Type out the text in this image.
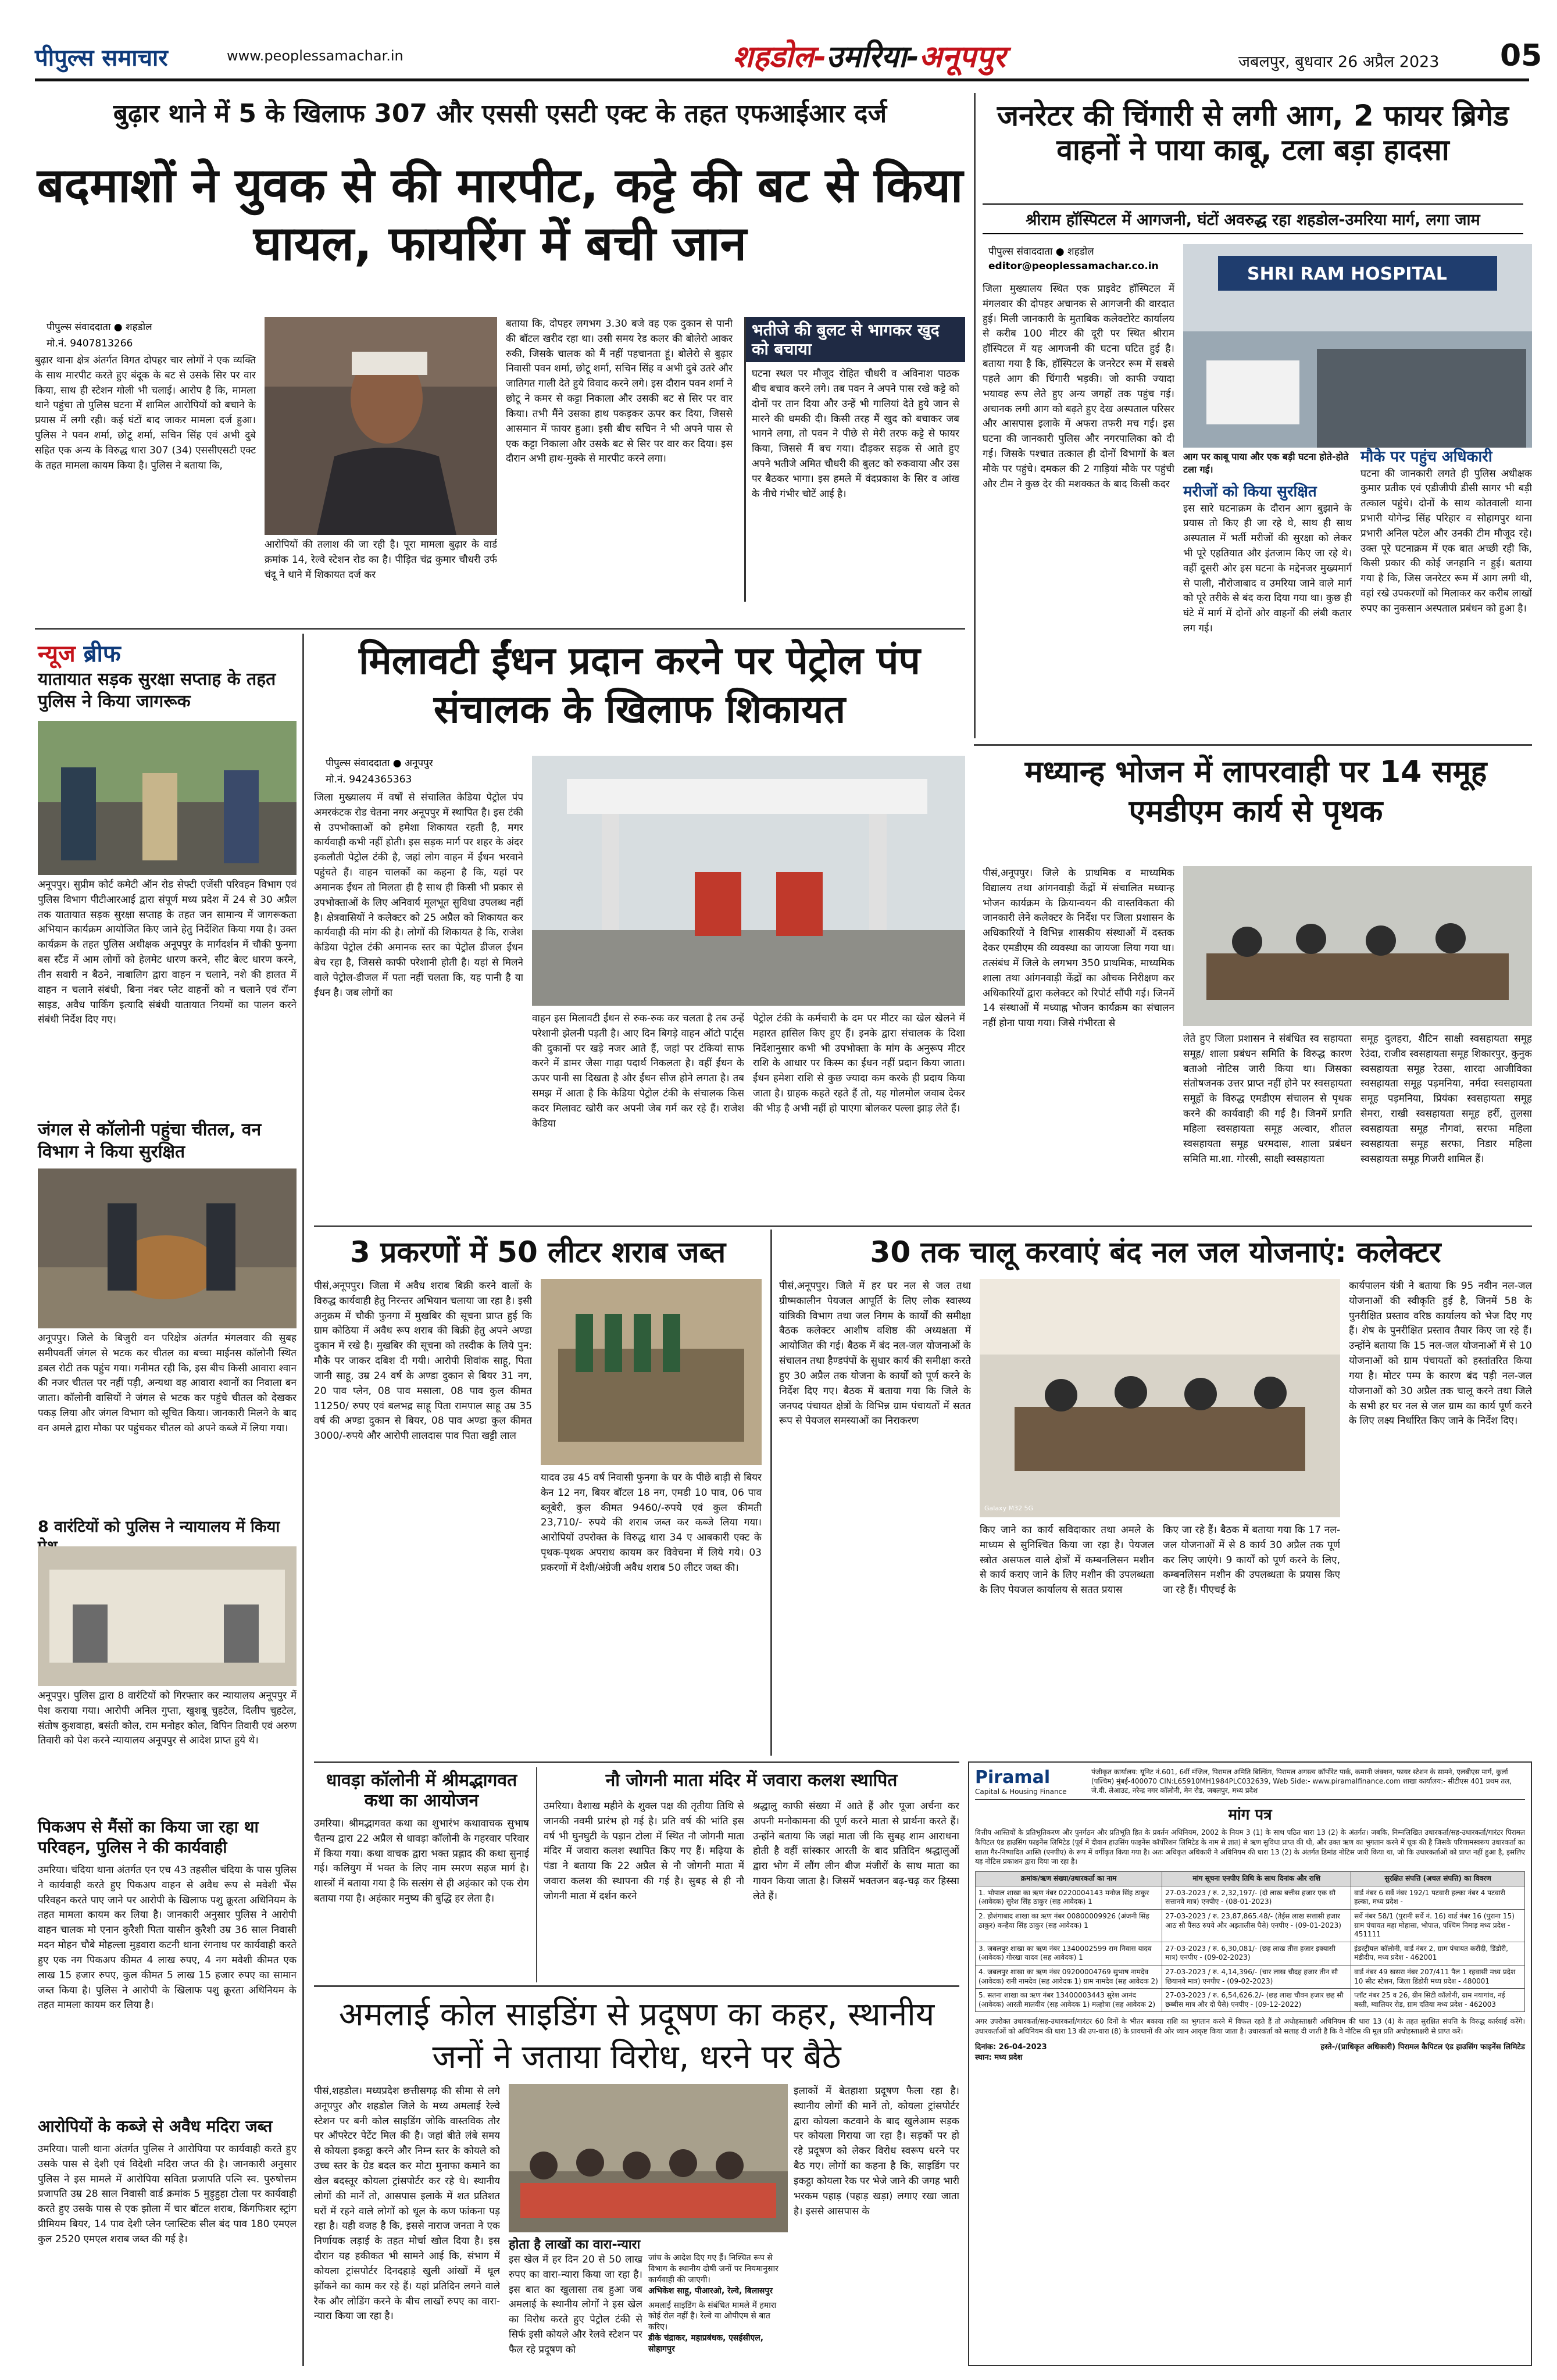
पीपुल्स समाचार	www.peoplessamachar.in	शहडोल-उमरिया-अनूपपुर	जबलपुर, बुधवार 26 अप्रैल 2023 05
बुढ़ार थाने में 5 के खिलाफ 307 और एससी एसटी एक्ट के तहत एफआईआर दर्ज
बदमाशों ने युवक से की मारपीट, कट्टे की बट से किया घायल, फायरिंग में बची जान
पीपुल्स संवाददाता ● शहडोल
मो.नं. 9407813266
बुढ़ार थाना क्षेत्र अंतर्गत विगत दोपहर चार लोगों ने एक व्यक्ति के साथ मारपीट करते हुए बंदूक के बट से उसके सिर पर वार किया, साथ ही स्टेशन गोली भी चलाई। आरोप है कि, मामला थाने पहुंचा तो पुलिस घटना में शामिल आरोपियों को बचाने के प्रयास में लगी रही। कई घंटों बाद जाकर मामला दर्ज हुआ। पुलिस ने पवन शर्मा, छोटू शर्मा, सचिन सिंह एवं अभी दुबे सहित एक अन्य के विरुद्ध धारा 307 (34) एससीएसटी एक्ट के तहत मामला कायम किया है। पुलिस ने बताया कि,
आरोपियों की तलाश की जा रही है। पूरा मामला बुढ़ार के वार्ड क्रमांक 14, रेल्वे स्टेशन रोड का है। पीड़ित चंद्र कुमार चौधरी उर्फ चंदू ने थाने में शिकायत दर्ज कर
बताया कि, दोपहर लगभग 3.30 बजे वह एक दुकान से पानी की बॉटल खरीद रहा था। उसी समय रेड कलर की बोलेरो आकर रुकी, जिसके चालक को मैं नहीं पहचानता हूं। बोलेरो से बुढ़ार निवासी पवन शर्मा, छोटू शर्मा, सचिन सिंह व अभी दुबे उतरे और जातिगत गाली देते हुये विवाद करने लगे। इस दौरान पवन शर्मा ने छोटू ने कमर से कट्टा निकाला और उसकी बट से सिर पर वार किया। तभी मैंने उसका हाथ पकड़कर ऊपर कर दिया, जिससे आसमान में फायर हुआ। इसी बीच सचिन ने भी अपने पास से एक कट्टा निकाला और उसके बट से सिर पर वार कर दिया। इस दौरान अभी हाथ-मुक्के से मारपीट करने लगा।
भतीजे की बुलट से भागकर खुद को बचाया
घटना स्थल पर मौजूद रोहित चौधरी व अविनाश पाठक बीच बचाव करने लगे। तब पवन ने अपने पास रखे कट्टे को दोनों पर तान दिया और उन्हें भी गालियां देते हुये जान से मारने की धमकी दी। किसी तरह मैं खुद को बचाकर जब भागने लगा, तो पवन ने पीछे से मेरी तरफ कट्टे से फायर किया, जिससे मैं बच गया। दौड़कर सड़क से आते हुए अपने भतीजे अमित चौधरी की बुलट को रुकवाया और उस पर बैठकर भागा। इस हमले में वंदप्रकाश के सिर व आंख के नीचे गंभीर चोटें आई है।
जनरेटर की चिंगारी से लगी आग, 2 फायर ब्रिगेड वाहनों ने पाया काबू, टला बड़ा हादसा
श्रीराम हॉस्पिटल में आगजनी, घंटों अवरुद्ध रहा शहडोल-उमरिया मार्ग, लगा जाम
पीपुल्स संवाददाता ● शहडोल
editor@peoplessamachar.co.in
जिला मुख्यालय स्थित एक प्राइवेट हॉस्पिटल में मंगलवार की दोपहर अचानक से आगजनी की वारदात हुई। मिली जानकारी के मुताबिक कलेक्टोरेट कार्यालय से करीब 100 मीटर की दूरी पर स्थित श्रीराम हॉस्पिटल में यह आगजनी की घटना घटित हुई है। बताया गया है कि, हॉस्पिटल के जनरेटर रूम में सबसे पहले आग की चिंगारी भड़की। जो काफी ज्यादा भयावह रूप लेते हुए अन्य जगहों तक पहुंच गई। अचानक लगी आग को बढ़ते हुए देख अस्पताल परिसर और आसपास इलाके में अफरा तफरी मच गई। इस घटना की जानकारी पुलिस और नगरपालिका को दी गई। जिसके पश्चात तत्काल ही दोनों विभागों के बल मौके पर पहुंचे। दमकल की 2 गाड़ियां मौके पर पहुंची और टीम ने कुछ देर की मशक्कत के बाद किसी कदर
SHRI RAM HOSPITAL
आग पर काबू पाया और एक बड़ी घटना होते-होते टला गई।
मरीजों को किया सुरक्षित
इस सारे घटनाक्रम के दौरान आग बुझाने के प्रयास तो किए ही जा रहे थे, साथ ही साथ अस्पताल में भर्ती मरीजों की सुरक्षा को लेकर भी पूरे एहतियात और इंतजाम किए जा रहे थे। वहीं दूसरी ओर इस घटना के मद्देनजर मुख्यमार्ग से पाली, नौरोजाबाद व उमरिया जाने वाले मार्ग को पूरे तरीके से बंद करा दिया गया था। कुछ ही घंटे में मार्ग में दोनों ओर वाहनों की लंबी कतार लग गई।
मौके पर पहुंच अधिकारी
घटना की जानकारी लगते ही पुलिस अधीक्षक कुमार प्रतीक एवं एडीजीपी डीसी सागर भी बड़ी तत्काल पहुंचे। दोनों के साथ कोतवाली थाना प्रभारी योगेन्द्र सिंह परिहार व सोहागपुर थाना प्रभारी अनिल पटेल और उनकी टीम मौजूद रहे। उक्त पूरे घटनाक्रम में एक बात अच्छी रही कि, किसी प्रकार की कोई जनहानि न हुई। बताया गया है कि, जिस जनरेटर रूम में आग लगी थी, वहां रखे उपकरणों को मिलाकर कर करीब लाखों रुपए का नुकसान अस्पताल प्रबंधन को हुआ है।
न्यूज ब्रीफ
यातायात सड़क सुरक्षा सप्ताह के तहत पुलिस ने किया जागरूक
अनूपपुर। सुप्रीम कोर्ट कमेटी ऑन रोड सेफ्टी एजेंसी परिवहन विभाग एवं पुलिस विभाग पीटीआरआई द्वारा संपूर्ण मध्य प्रदेश में 24 से 30 अप्रैल तक यातायात सड़क सुरक्षा सप्ताह के तहत जन सामान्य में जागरूकता अभियान कार्यक्रम आयोजित किए जाने हेतु निर्देशित किया गया है। उक्त कार्यक्रम के तहत पुलिस अधीक्षक अनूपपुर के मार्गदर्शन में चौकी फुनगा बस स्टैंड में आम लोगों को हेलमेट धारण करने, सीट बेल्ट धारण करने, तीन सवारी न बैठने, नाबालिग द्वारा वाहन न चलाने, नशे की हालत में वाहन न चलाने संबंधी, बिना नंबर प्लेट वाहनों को न चलाने एवं रॉन्ग साइड, अवैध पार्किंग इत्यादि संबंधी यातायात नियमों का पालन करने संबंधी निर्देश दिए गए।
जंगल से कॉलोनी पहुंचा चीतल, वन विभाग ने किया सुरक्षित
अनूपपुर। जिले के बिजुरी वन परिक्षेत्र अंतर्गत मंगलवार की सुबह समीपवर्ती जंगल से भटक कर चीतल का बच्चा माईनस कॉलोनी स्थित डबल रोटी तक पहुंच गया। गनीमत रही कि, इस बीच किसी आवारा श्वान की नजर चीतल पर नहीं पड़ी, अन्यथा वह आवारा श्वानों का निवाला बन जाता। कॉलोनी वासियों ने जंगल से भटक कर पहुंचे चीतल को देखकर पकड़ लिया और जंगल विभाग को सूचित किया। जानकारी मिलने के बाद वन अमले द्वारा मौका पर पहुंचकर चीतल को अपने कब्जे में लिया गया।
8 वारंटियों को पुलिस ने न्यायालय में किया
अनूपपुर। पुलिस द्वारा 8 वारंटियों को गिरफ्तार कर न्यायालय अनूपपुर में पेश कराया गया। आरोपी अनिल गुप्ता, खुशबू चुहटेल, दिलीप चुहटेल, संतोष कुशवाहा, बसंती कोल, राम मनोहर कोल, विपिन तिवारी एवं अरुण तिवारी को पेश करने न्यायालय अनूपपुर से आदेश प्राप्त हुये थे।
पिकअप से मैंसों का किया जा रहा था परिवहन, पुलिस ने की कार्यवाही
उमरिया। चंदिया थाना अंतर्गत एन एच 43 तहसील चंदिया के पास पुलिस ने कार्यवाही करते हुए पिकअप वाहन से अवैध रूप से मवेशी भैंस परिवहन करते पाए जाने पर आरोपी के खिलाफ पशु क्रूरता अधिनियम के तहत मामला कायम कर लिया है। जानकारी अनुसार पुलिस ने आरोपी वाहन चालक मो एनान कुरैशी पिता यासीन कुरैशी उम्र 36 साल निवासी मदन मोहन चौबे मोहल्ला मुड़वारा कटनी थाना रंगनाथ पर कार्यवाही करते हुए एक नग पिकअप कीमत 4 लाख रुपए, 4 नग मवेशी कीमत एक लाख 15 हजार रुपए, कुल कीमत 5 लाख 15 हजार रुपए का सामान जब्त किया है। पुलिस ने आरोपी के खिलाफ पशु क्रूरता अधिनियम के तहत मामला कायम कर लिया है।
आरोपियों के कब्जे से अवैध मदिरा जब्त
उमरिया। पाली थाना अंतर्गत पुलिस ने आरोपिया पर कार्यवाही करते हुए उसके पास से देशी एवं विदेशी मदिरा जप्त की है। जानकारी अनुसार पुलिस ने इस मामले में आरोपिया सविता प्रजापति पत्नि स्व. पुरुषोत्तम प्रजापति उम्र 28 साल निवासी वार्ड क्रमांक 5 मुड़ुहुहा टोला पर कार्यवाही करते हुए उसके पास से एक झोला में चार बॉटल शराब, किंगफिशर स्ट्रांग प्रीमियम बियर, 14 पाव देशी प्लेन प्लास्टिक सील बंद पाव 180 एमएल कुल 2520 एमएल शराब जब्त की गई है।
मिलावटी ईंधन प्रदान करने पर पेट्रोल पंप संचालक के खिलाफ शिकायत
पीपुल्स संवाददाता ● अनूपपुर
मो.नं. 9424365363
जिला मुख्यालय में वर्षों से संचालित केडिया पेट्रोल पंप अमरकंटक रोड चेतना नगर अनूपपुर में स्थापित है। इस टंकी से उपभोक्ताओं को हमेशा शिकायत रहती है, मगर कार्यवाही कभी नहीं होती। इस सड़क मार्ग पर शहर के अंदर इकलौती पेट्रोल टंकी है, जहां लोग वाहन में ईंधन भरवाने पहुंचते हैं। वाहन चालकों का कहना है कि, यहां पर अमानक ईंधन तो मिलता ही है साथ ही किसी भी प्रकार से उपभोक्ताओं के लिए अनिवार्य मूलभूत सुविधा उपलब्ध नहीं है। क्षेत्रवासियों ने कलेक्टर को 25 अप्रैल को शिकायत कर कार्यवाही की मांग की है। लोगों की शिकायत है कि, राजेश केडिया पेट्रोल टंकी अमानक स्तर का पेट्रोल डीजल ईंधन बेच रहा है, जिससे काफी परेशानी होती है। यहां से मिलने वाले पेट्रोल-डीजल में पता नहीं चलता कि, यह पानी है या ईंधन है। जब लोगों का
वाहन इस मिलावटी ईंधन से रुक-रुक कर चलता है तब उन्हें परेशानी झेलनी पड़ती है। आए दिन बिगड़े वाहन ऑटो पार्ट्स की दुकानों पर खड़े नजर आते हैं, जहां पर टंकियां साफ करने में डामर जैसा गाढ़ा पदार्थ निकलता है। वहीं ईंधन के ऊपर पानी सा दिखता है और ईंधन सीज होने लगता है। तब समझ में आता है कि केडिया पेट्रोल टंकी के संचालक किस कदर मिलावट खोरी कर अपनी जेब गर्म कर रहे हैं। राजेश केडिया
पेट्रोल टंकी के कर्मचारी के दम पर मीटर का खेल खेलने में महारत हासिल किए हुए हैं। इनके द्वारा संचालक के दिशा निर्देशानुसार कभी भी उपभोक्ता के मांग के अनुरूप मीटर राशि के आधार पर किस्म का ईंधन नहीं प्रदान किया जाता। ईंधन हमेशा राशि से कुछ ज्यादा कम करके ही प्रदाय किया जाता है। ग्राहक कहते रहते हैं तो, यह गोलमोल जवाब देकर की भीड़ है अभी नहीं हो पाएगा बोलकर पल्ला झाड़ लेते हैं।
मध्यान्ह भोजन में लापरवाही पर 14 समूह एमडीएम कार्य से पृथक
पीसं,अनूपपुर। जिले के प्राथमिक व माध्यमिक विद्यालय तथा आंगनवाड़ी केंद्रों में संचालित मध्यान्ह भोजन कार्यक्रम के क्रियान्वयन की वास्तविकता की जानकारी लेने कलेक्टर के निर्देश पर जिला प्रशासन के अधिकारियों ने विभिन्न शासकीय संस्थाओं में दस्तक देकर एमडीएम की व्यवस्था का जायजा लिया गया था। तत्संबंध में जिले के लगभग 350 प्राथमिक, माध्यमिक शाला तथा आंगनवाड़ी केंद्रों का औचक निरीक्षण कर अधिकारियों द्वारा कलेक्टर को रिपोर्ट सौंपी गई। जिनमें 14 संस्थाओं में मध्याह्न भोजन कार्यक्रम का संचालन नहीं होना पाया गया। जिसे गंभीरता से
लेते हुए जिला प्रशासन ने संबंधित स्व सहायता समूह/ शाला प्रबंधन समिति के विरुद्ध कारण बताओ नोटिस जारी किया था। जिसका संतोषजनक उत्तर प्राप्त नहीं होने पर स्वसहायता समूहों के विरुद्ध एमडीएम संचालन से पृथक करने की कार्यवाही की गई है। जिनमें प्रगति महिला स्वसहायता समूह अल्वार, शीतल स्वसहायता समूह धरमदास, शाला प्रबंधन समिति मा.शा. गोरसी, साक्षी स्वसहायता
समूह दुलहरा, शैटिन साक्षी स्वसहायता समूह रेउंदा, राजीव स्वसहायता समूह शिकारपुर, कुनुक स्वसहायता समूह रेउसा, शारदा आजीविका स्वसहायता समूह पड़मनिया, नर्मदा स्वसहायता समूह पड़मनिया, प्रियंका स्वसहायता समूह सेमरा, राखी स्वसहायता समूह हर्री, तुलसा स्वसहायता समूह नौगवां, सरफा महिला स्वसहायता समूह सरफा, निडार महिला स्वसहायता समूह गिजरी शामिल हैं।
3 प्रकरणों में 50 लीटर शराब जब्त
पीसं,अनूपपुर। जिला में अवैध शराब बिक्री करने वालों के विरुद्ध कार्यवाही हेतु निरन्तर अभियान चलाया जा रहा है। इसी अनुक्रम में चौकी फुनगा में मुखबिर की सूचना प्राप्त हुई कि ग्राम कोठिया में अवैध रूप शराब की बिक्री हेतु अपने अण्डा दुकान में रखे है। मुखबिर की सूचना को तस्दीक के लिये पुन: मौके पर जाकर दबिश दी गयी। आरोपी शिवांक साहू, पिता जानी साहू, उम्र 24 वर्ष के अण्डा दुकान से बियर 31 नग, 20 पाव प्लेन, 08 पाव मसाला, 08 पाव कुल कीमत 11250/ रुपए एवं बलभद्र साहू पिता रामपाल साहू उम्र 35 वर्ष की अण्डा दुकान से बियर, 08 पाव अण्डा कुल कीमत 3000/-रुपये और आरोपी लालदास पाव पिता खट्टी लाल
यादव उम्र 45 वर्ष निवासी फुनगा के घर के पीछे बाड़ी से बियर केन 12 नग, बियर बॉटल 18 नग, एमडी 10 पाव, 06 पाव ब्लूबेरी, कुल कीमत 9460/-रुपये एवं कुल कीमती 23,710/- रुपये की शराब जब्त कर कब्जे लिया गया। आरोपियों उपरोक्त के विरुद्ध धारा 34 ए आबकारी एक्ट के पृथक-पृथक अपराध कायम कर विवेचना में लिये गये। 03 प्रकरणों में देशी/अंग्रेजी अवैध शराब 50 लीटर जब्त की।
30 तक चालू करवाएं बंद नल जल योजनाएं: कलेक्टर
पीसं,अनूपपुर। जिले में हर घर नल से जल तथा ग्रीष्मकालीन पेयजल आपूर्ति के लिए लोक स्वास्थ्य यांत्रिकी विभाग तथा जल निगम के कार्यों की समीक्षा बैठक कलेक्टर आशीष वशिष्ठ की अध्यक्षता में आयोजित की गई। बैठक में बंद नल-जल योजनाओं के संचालन तथा हैण्डपंपों के सुधार कार्य की समीक्षा करते हुए 30 अप्रैल तक योजना के कार्यों को पूर्ण करने के निर्देश दिए गए। बैठक में बताया गया कि जिले के जनपद पंचायत क्षेत्रों के विभिन्न ग्राम पंचायतों में सतत रूप से पेयजल समस्याओं का निराकरण
Galaxy M32 5G
किए जाने का कार्य सविदाकार तथा अमले के माध्यम से सुनिश्चित किया जा रहा है। पेयजल स्त्रोत असफल वाले क्षेत्रों में कम्बनलिसन मशीन से कार्य कराए जाने के लिए मशीन की उपलब्धता के लिए पेयजल कार्यालय से सतत प्रयास
किए जा रहे हैं। बैठक में बताया गया कि 17 नल-जल योजनाओं में से 8 कार्य 30 अप्रैल तक पूर्ण कर लिए जाएंगे। 9 कार्यों को पूर्ण करने के लिए, कम्बनलिसन मशीन की उपलब्धता के प्रयास किए जा रहे हैं। पीएचई के
कार्यपालन यंत्री ने बताया कि 95 नवीन नल-जल योजनाओं की स्वीकृति हुई है, जिनमें 58 के पुनरीक्षित प्रस्ताव वरिष्ठ कार्यालय को भेज दिए गए हैं। शेष के पुनरीक्षित प्रस्ताव तैयार किए जा रहे हैं। उन्होंने बताया कि 15 नल-जल योजनाओं में से 10 योजनाओं को ग्राम पंचायतों को हस्तांतरित किया गया है। मोटर पम्प के कारण बंद पड़ी नल-जल योजनाओं को 30 अप्रैल तक चालू करने तथा जिले के सभी हर घर नल से जल ग्राम का कार्य पूर्ण करने के लिए लक्ष्य निर्धारित किए जाने के निर्देश दिए।
धावड़ा कॉलोनी में श्रीमद्भागवत कथा का आयोजन
उमरिया। श्रीमद्भागवत कथा का शुभारंभ कथावाचक सुभाष चैतन्य द्वारा 22 अप्रैल से धावड़ा कॉलोनी के गहरवार परिवार में किया गया। कथा वाचक द्वारा भक्त प्रह्लाद की कथा सुनाई गई। कलियुग में भक्त के लिए नाम स्मरण सहज मार्ग है। शास्त्रों में बताया गया है कि सत्संग से ही अहंकार को एक रोग बताया गया है। अहंकार मनुष्य की बुद्धि हर लेता है।
नौ जोगनी माता मंदिर में जवारा कलश स्थापित
उमरिया। वैशाख महीने के शुक्ल पक्ष की तृतीया तिथि से जानकी नवमी प्रारंभ हो गई है। प्रति वर्ष की भांति इस वर्ष भी घुनघुटी के पड़ान टोला में स्थित नौ जोगनी माता मंदिर में जवारा कलश स्थापित किए गए हैं। मढ़िया के पंडा ने बताया कि 22 अप्रैल से नौ जोगनी माता में जवारा कलश की स्थापना की गई है। सुबह से ही नौ जोगनी माता में दर्शन करने
श्रद्धालु काफी संख्या में आते हैं और पूजा अर्चना कर अपनी मनोकामना की पूर्ण करने माता से प्रार्थना करते हैं। उन्होंने बताया कि जहां माता जी कि सुबह शाम आराधना होती है वहीं सांस्कार आरती के बाद प्रतिदिन श्रद्धालुओं द्वारा भोग में लौंग लीन बीज मंजीरों के साथ माता का गायन किया जाता है। जिसमें भक्तजन बढ़-चढ़ कर हिस्सा लेते हैं।
अमलाई कोल साइडिंग से प्रदूषण का कहर, स्थानीय जनों ने जताया विरोध, धरने पर बैठे
पीसं,शहडोल। मध्यप्रदेश छत्तीसगढ़ की सीमा से लगे अनूपपुर और शहडोल जिले के मध्य अमलाई रेल्वे स्टेशन पर बनी कोल साइडिंग जोकि वास्तविक तौर पर ऑपरेटर पेटेंट मिल की है। जहां बीते लंबे समय से कोयला इकट्ठा करने और निम्न स्तर के कोयले को उच्च स्तर के ग्रेड बदल कर मोटा मुनाफा कमाने का खेल बदस्तूर कोयला ट्रांसपोर्टर कर रहे थे। स्थानीय लोगों की मानें तो, आसपास इलाके में शत प्रतिशत घरों में रहने वाले लोगों को धूल के कण फांकना पड़ रहा है। यही वजह है कि, इससे नाराज जनता ने एक निर्णायक लड़ाई के तहत मोर्चा खोल दिया है। इस दौरान यह हकीकत भी सामने आई कि, संभाग में कोयला ट्रांसपोर्टर दिनदहाड़े खुली आंखों में धूल झोंकने का काम कर रहे हैं। यहां प्रतिदिन लगने वाले रैक और लोडिंग करने के बीच लाखों रुपए का वारा-न्यारा किया जा रहा है।
होता है लाखों का वारा-न्यारा
इस खेल में हर दिन 20 से 50 लाख रुपए का वारा-न्यारा किया जा रहा है। इस बात का खुलासा तब हुआ जब अमलाई के स्थानीय लोगों ने इस खेल का विरोध करते हुए पेट्रोल टंकी से सिर्फ इसी कोयले और रेलवे स्टेशन पर फैल रहे प्रदूषण को
जांच के आदेश दिए गए हैं। निश्चित रूप से विभाग के स्थानीय दोषी जनों पर नियमानुसार कार्यवाही की जाएगी।
अभिकेश साहू, पीआरओ, रेल्वे, बिलासपुर
अमलाई साइडिंग के संबंधित मामले में हमारा कोई रोल नहीं है। रेल्वे या ओपीएम से बात करिए।
डीके चंद्राकर, महाप्रबंधक, एसईसीएल, सोहागपुर
इलाकों में बेतहाशा प्रदूषण फैला रहा है। स्थानीय लोगों की मानें तो, कोयला ट्रांसपोर्टर द्वारा कोयला कटवाने के बाद खुलेआम सड़क पर कोयला गिराया जा रहा है। सड़कों पर हो रहे प्रदूषण को लेकर विरोध स्वरूप धरने पर बैठ गए। लोगों का कहना है कि, साइडिंग पर इकट्ठा कोयला रैक पर भेजे जाने की जगह भारी भरकम पहाड़ (पहाड़ खड़ा) लगाए रखा जाता है। इससे आसपास के
Piramal
Capital & Housing Finance
पंजीकृत कार्यालय: यूनिट नं.601, 6वीं मंजिल, पिरामल अमिति बिल्डिंग, पिरामल अगस्त्य कॉर्पोरेट पार्क, कमानी जंक्शन, फायर स्टेशन के सामने, एलबीएस मार्ग, कुर्ला (पश्चिम) मुंबई-400070 CIN:L65910MH1984PLC032639, Web Side:- www.piramalfinance.com शाखा कार्यालय:- सीटीएस 401 प्रथम तल, जे.वी. लेआउट, नरेन्द्र नगर कॉलोनी, मेन रोड, जबलपुर, मध्य प्रदेश
मांग पत्र
वित्तीय आस्तियों के प्रतिभूतिकरण और पुनर्गठन और प्रतिभूति हित के प्रवर्तन अधिनियम, 2002 के नियम 3 (1) के साथ पठित धारा 13 (2) के अंतर्गत। जबकि, निम्नलिखित उधारकर्ता/सह-उधारकर्ता/गारंटर पिरामल कैपिटल एंड हाउसिंग फाइनेंस लिमिटेड (पूर्व में दीवान हाउसिंग फाइनेंस कॉर्पोरेशन लिमिटेड के नाम से ज्ञात) से ऋण सुविधा प्राप्त की थी, और उक्त ऋण का भुगतान करने में चूक की है जिसके परिणामस्वरूप उधारकर्ता का खाता गैर-निष्पादित आस्ति (एनपीए) के रूप में वर्गीकृत किया गया है। अतः अधिकृत अधिकारी ने अधिनियम की धारा 13 (2) के अंतर्गत डिमांड नोटिस जारी किया था, जो कि उधारकर्ताओं को प्राप्त नहीं हुआ है, इसलिए यह नोटिस प्रकाशन द्वारा दिया जा रहा है।
क्रमांक/ऋण संख्या/उधारकर्ता का नाम	मांग सूचना एनपीए तिथि के साथ दिनांक और राशि	सुरक्षित संपत्ति (अचल संपत्ति) का विवरण
1. भोपाल शाखा का ऋण नंबर 0220004143 मनोज सिंह ठाकुर (आवेदक) सुरेश सिंह ठाकुर (सह आवेदक) 1	27-03-2023 / रु. 2,32,197/- (दो लाख बत्तीस हजार एक सौ सत्तानवे मात्र) एनपीए - (08-01-2023)	वार्ड नंबर 6 सर्वे नंबर 192/1 पटवारी हल्का नंबर 4 पटवारी हल्का, मध्य प्रदेश -
2. होशंगाबाद शाखा का ऋण नंबर 00800009926 (अंजनी सिंह ठाकुर) कन्हैया सिंह ठाकुर (सह आवेदक) 1	27-03-2023 / रु. 23,87,865.48/- (तेईस लाख सत्तासी हजार आठ सौ पैंसठ रुपये और अड़तालीस पैसे) एनपीए - (09-01-2023)	सर्वे नंबर 58/1 (पुरानी सर्वे नं. 16) वार्ड नंबर 16 (पुराना 15) ग्राम पंचायत महा मोहासा, भोपाल, पश्चिम निमाड़ मध्य प्रदेश - 451111
3. जबलपुर शाखा का ऋण नंबर 1340002599 राम निवास यादव (आवेदक) गोरखा यादव (सह आवेदक) 1	27-03-2023 / रु. 6,30,081/- (छह लाख तीस हजार इक्यासी मात्र) एनपीए - (09-02-2023)	इंडस्ट्रीयल कॉलोनी, वार्ड नंबर 2, ग्राम पंचायत करौंदी, डिंडोरी, मंडीदीप, मध्य प्रदेश - 462001
4. जबलपुर शाखा का ऋण नंबर 09200004769 सुभाष नामदेव (आवेदक) रानी नामदेव (सह आवेदक 1) ग्राम नामदेव (सह आवेदक 2)	27-03-2023 / रु. 4,14,396/- (चार लाख चौदह हजार तीन सौ छियानवे मात्र) एनपीए - (09-02-2023)	वार्ड नंबर 49 खसरा नंबर 207/411 पैल 1 रहवासी मध्य प्रदेश 10 सीट स्टेशन, जिला डिंडोरी मध्य प्रदेश - 480001
5. सतना शाखा का ऋण नंबर 13400003443 सुरेश आनंद (आवेदक) आरती मालवीय (सह आवेदक 1) मल्होत्रा (सह आवेदक 2)	27-03-2023 / रु. 6,54,626.2/- (छह लाख चौवन हजार छह सौ छब्बीस मात्र और दो पैसे) एनपीए - (09-12-2022)	प्लॉट नंबर 25 व 26, ग्रीन सिटी कॉलोनी, ग्राम नयागांव, नई बस्ती, ग्वालियर रोड, ग्राम दतिया मध्य प्रदेश - 462003
अगर उपरोक्त उधारकर्ता/सह-उधारकर्ता/गारंटर 60 दिनों के भीतर बकाया राशि का भुगतान करने में विफल रहते हैं तो अधोहस्ताक्षरी अधिनियम की धारा 13 (4) के तहत सुरक्षित संपत्ति के विरुद्ध कार्रवाई करेंगे। उधारकर्ताओं को अधिनियम की धारा 13 की उप-धारा (8) के प्रावधानों की ओर ध्यान आकृष्ट किया जाता है। उधारकर्ता को सलाह दी जाती है कि वे नोटिस की मूल प्रति अधोहस्ताक्षरी से प्राप्त करें।
दिनांक: 26-04-2023
स्थान: मध्य प्रदेश
हस्ते-/(प्राधिकृत अधिकारी) पिरामल कैपिटल एंड हाउसिंग फाइनेंस लिमिटेड
